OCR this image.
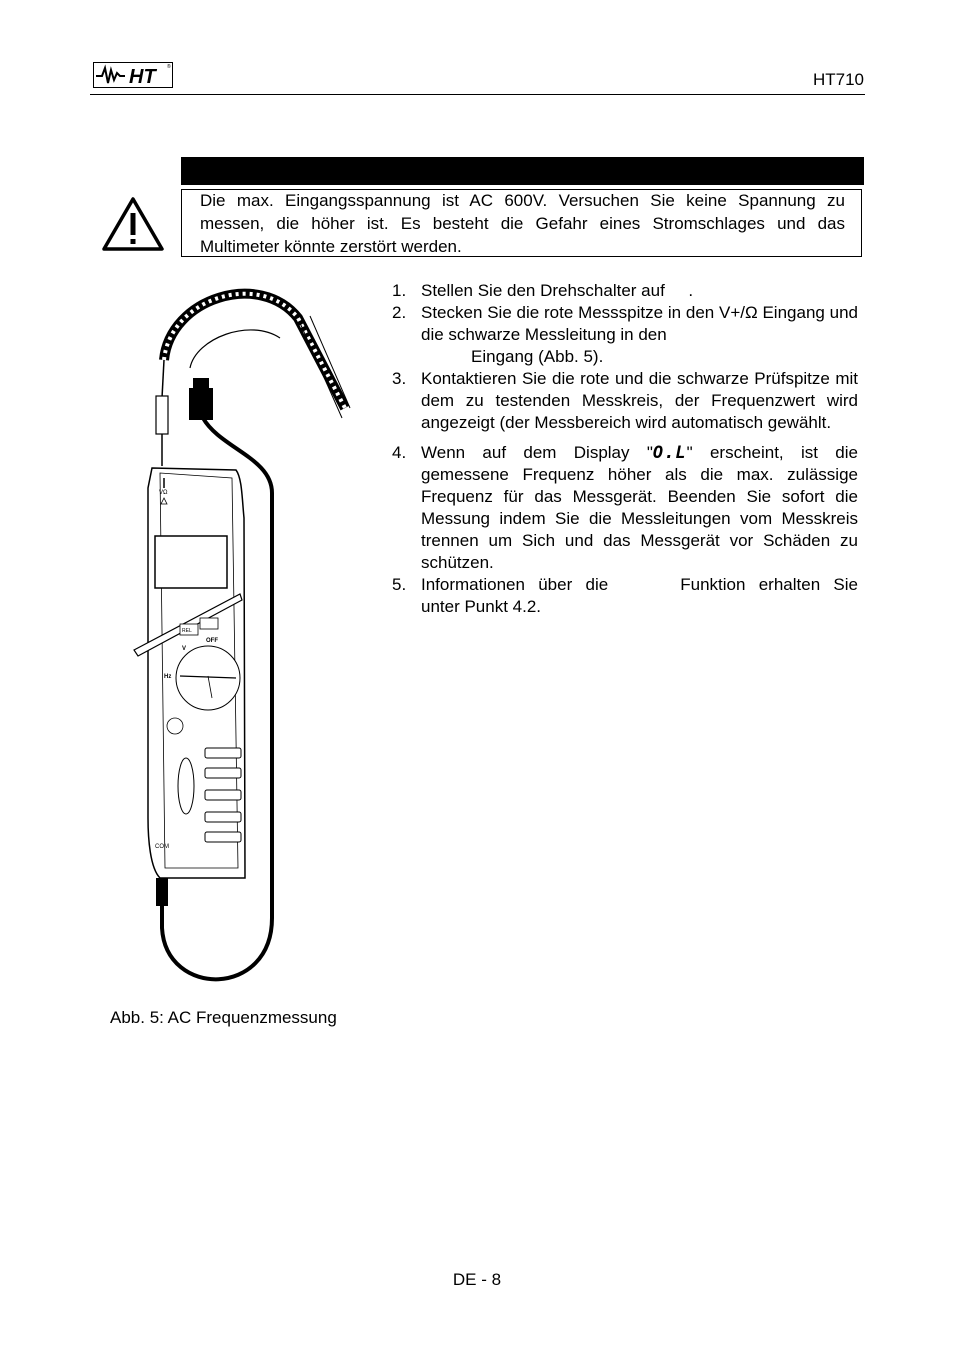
HT	®
HT710

Die max. Eingangsspannung ist AC 600V. Versuchen Sie keine Spannung zu messen, die höher ist. Es besteht die Gefahr eines Stromschlages und das Multimeter könnte zerstört werden.

VΩ
REL
OFF
V
Hz
COM
Abb. 5: AC Frequenzmessung
1. Stellen Sie den Drehschalter auf     .
2. Stecken Sie die rote Messspitze in den V+/Ω Eingang und die schwarze Messleitung in den
Eingang (Abb. 5).
3. Kontaktieren Sie die rote und die schwarze Prüfspitze mit dem zu testenden Messkreis, der Frequenzwert wird angezeigt (der Messbereich wird automatisch gewählt.
4. Wenn auf dem Display "O.L" erscheint, ist die gemessene Frequenz höher als die max. zulässige Frequenz für das Messgerät. Beenden Sie sofort die Messung indem Sie die Messleitungen vom Messkreis trennen um Sich und das Messgerät vor Schäden zu schützen.
5. Informationen über die	Funktion erhalten Sie unter Punkt 4.2.
DE - 8
